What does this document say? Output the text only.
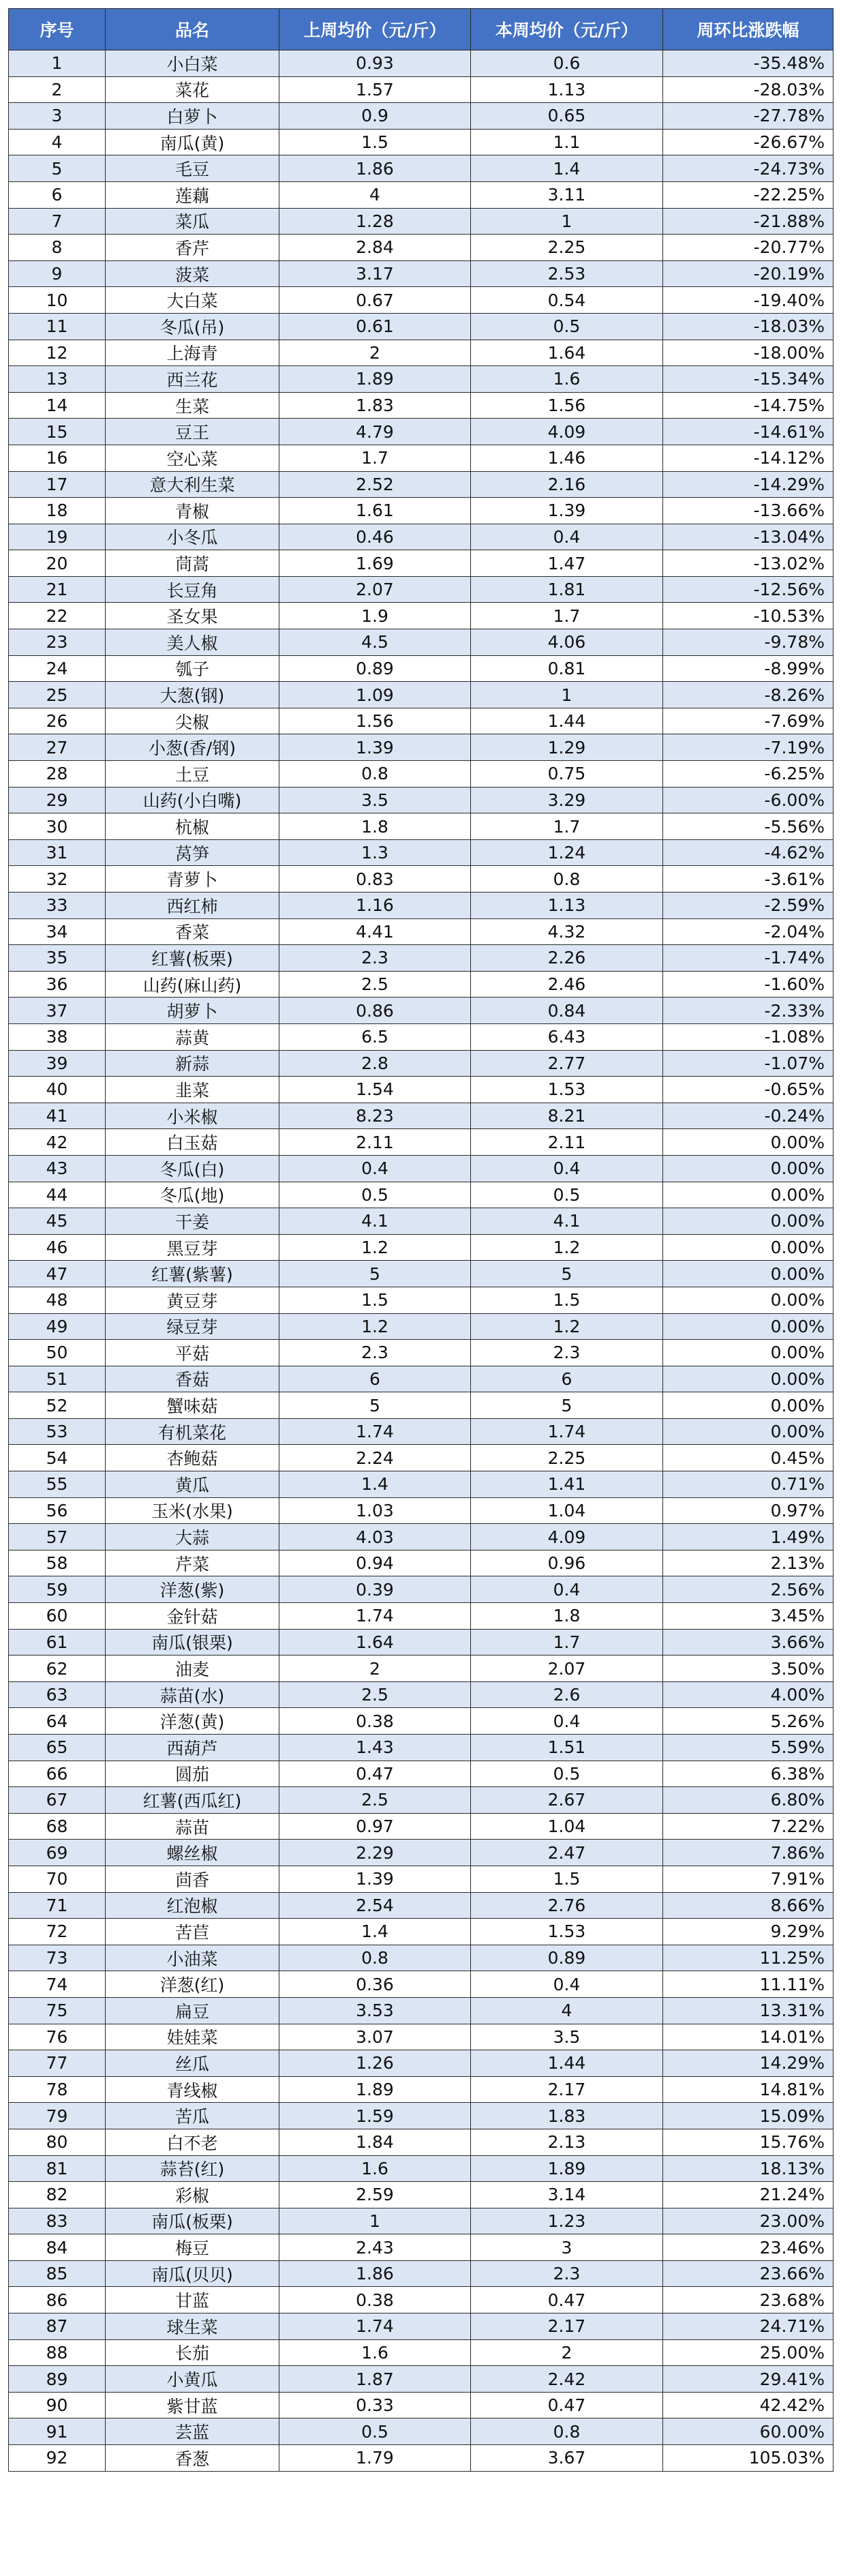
序号	品名	上周均价（元/斤）	本周均价（元/斤）	周环比涨跌幅
1	小白菜	0.93	0.6	-35.48%
2	菜花	1.57	1.13	-28.03%
3	白萝卜	0.9	0.65	-27.78%
4	南瓜(黄)	1.5	1.1	-26.67%
5	毛豆	1.86	1.4	-24.73%
6	莲藕	4	3.11	-22.25%
7	菜瓜	1.28	1	-21.88%
8	香芹	2.84	2.25	-20.77%
9	菠菜	3.17	2.53	-20.19%
10	大白菜	0.67	0.54	-19.40%
11	冬瓜(吊)	0.61	0.5	-18.03%
12	上海青	2	1.64	-18.00%
13	西兰花	1.89	1.6	-15.34%
14	生菜	1.83	1.56	-14.75%
15	豆王	4.79	4.09	-14.61%
16	空心菜	1.7	1.46	-14.12%
17	意大利生菜	2.52	2.16	-14.29%
18	青椒	1.61	1.39	-13.66%
19	小冬瓜	0.46	0.4	-13.04%
20	茼蒿	1.69	1.47	-13.02%
21	长豆角	2.07	1.81	-12.56%
22	圣女果	1.9	1.7	-10.53%
23	美人椒	4.5	4.06	-9.78%
24	瓠子	0.89	0.81	-8.99%
25	大葱(钢)	1.09	1	-8.26%
26	尖椒	1.56	1.44	-7.69%
27	小葱(香/钢)	1.39	1.29	-7.19%
28	土豆	0.8	0.75	-6.25%
29	山药(小白嘴)	3.5	3.29	-6.00%
30	杭椒	1.8	1.7	-5.56%
31	莴笋	1.3	1.24	-4.62%
32	青萝卜	0.83	0.8	-3.61%
33	西红柿	1.16	1.13	-2.59%
34	香菜	4.41	4.32	-2.04%
35	红薯(板栗)	2.3	2.26	-1.74%
36	山药(麻山药)	2.5	2.46	-1.60%
37	胡萝卜	0.86	0.84	-2.33%
38	蒜黄	6.5	6.43	-1.08%
39	新蒜	2.8	2.77	-1.07%
40	韭菜	1.54	1.53	-0.65%
41	小米椒	8.23	8.21	-0.24%
42	白玉菇	2.11	2.11	0.00%
43	冬瓜(白)	0.4	0.4	0.00%
44	冬瓜(地)	0.5	0.5	0.00%
45	干姜	4.1	4.1	0.00%
46	黑豆芽	1.2	1.2	0.00%
47	红薯(紫薯)	5	5	0.00%
48	黄豆芽	1.5	1.5	0.00%
49	绿豆芽	1.2	1.2	0.00%
50	平菇	2.3	2.3	0.00%
51	香菇	6	6	0.00%
52	蟹味菇	5	5	0.00%
53	有机菜花	1.74	1.74	0.00%
54	杏鲍菇	2.24	2.25	0.45%
55	黄瓜	1.4	1.41	0.71%
56	玉米(水果)	1.03	1.04	0.97%
57	大蒜	4.03	4.09	1.49%
58	芹菜	0.94	0.96	2.13%
59	洋葱(紫)	0.39	0.4	2.56%
60	金针菇	1.74	1.8	3.45%
61	南瓜(银栗)	1.64	1.7	3.66%
62	油麦	2	2.07	3.50%
63	蒜苗(水)	2.5	2.6	4.00%
64	洋葱(黄)	0.38	0.4	5.26%
65	西葫芦	1.43	1.51	5.59%
66	圆茄	0.47	0.5	6.38%
67	红薯(西瓜红)	2.5	2.67	6.80%
68	蒜苗	0.97	1.04	7.22%
69	螺丝椒	2.29	2.47	7.86%
70	茴香	1.39	1.5	7.91%
71	红泡椒	2.54	2.76	8.66%
72	苦苣	1.4	1.53	9.29%
73	小油菜	0.8	0.89	11.25%
74	洋葱(红)	0.36	0.4	11.11%
75	扁豆	3.53	4	13.31%
76	娃娃菜	3.07	3.5	14.01%
77	丝瓜	1.26	1.44	14.29%
78	青线椒	1.89	2.17	14.81%
79	苦瓜	1.59	1.83	15.09%
80	白不老	1.84	2.13	15.76%
81	蒜苔(红)	1.6	1.89	18.13%
82	彩椒	2.59	3.14	21.24%
83	南瓜(板栗)	1	1.23	23.00%
84	梅豆	2.43	3	23.46%
85	南瓜(贝贝)	1.86	2.3	23.66%
86	甘蓝	0.38	0.47	23.68%
87	球生菜	1.74	2.17	24.71%
88	长茄	1.6	2	25.00%
89	小黄瓜	1.87	2.42	29.41%
90	紫甘蓝	0.33	0.47	42.42%
91	芸蓝	0.5	0.8	60.00%
92	香葱	1.79	3.67	105.03%
